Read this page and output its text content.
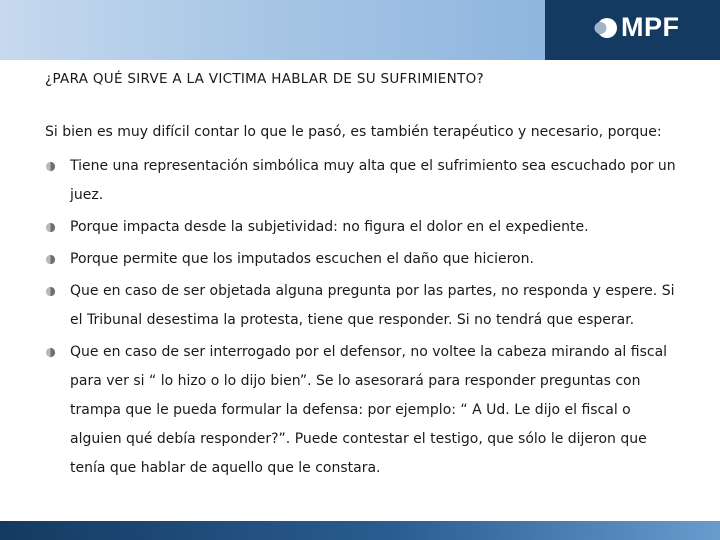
MPF
¿PARA QUÉ SIRVE A LA VICTIMA HABLAR DE SU SUFRIMIENTO?
Si bien es muy difícil contar lo que le pasó, es también terapéutico y necesario, porque:
Tiene una representación simbólica muy alta que el sufrimiento sea escuchado por un juez.
Porque impacta desde la subjetividad: no figura el dolor en el expediente.
Porque permite que los imputados escuchen el daño que hicieron.
Que en caso de ser objetada alguna pregunta por las partes, no responda y espere. Si el Tribunal desestima la protesta, tiene que responder. Si no tendrá que esperar.
Que en caso de ser interrogado por el defensor, no voltee la cabeza mirando al fiscal para ver si “ lo hizo o lo dijo bien”. Se lo asesorará para responder preguntas con trampa que le pueda formular la defensa: por ejemplo: “ A Ud. Le dijo el fiscal o alguien qué debía responder?”. Puede contestar el testigo, que sólo le dijeron que tenía que hablar de aquello que le constara.
